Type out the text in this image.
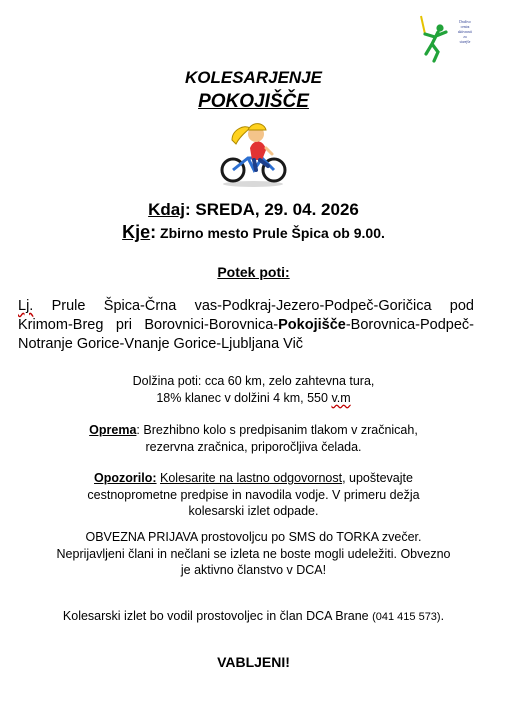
Društvo
centra
aktivnosti
za
starejše
KOLESARJENJE
POKOJIŠČE
Kdaj: SREDA, 29. 04. 2026
Kje: Zbirno mesto Prule Špica ob 9.00.
Potek poti:
Lj. Prule Špica-Črna vas-Podkraj-Jezero-Podpeč-Goričica pod Krimom-Breg pri Borovnici-Borovnica-Pokojišče-Borovnica-Podpeč-Notranje Gorice-Vnanje Gorice-Ljubljana Vič
Dolžina poti: cca 60 km, zelo zahtevna tura,
18% klanec v dolžini 4 km, 550 v.m
Oprema: Brezhibno kolo s predpisanim tlakom v zračnicah,
rezervna zračnica, priporočljiva čelada.
Opozorilo: Kolesarite na lastno odgovornost, upoštevajte
cestnoprometne predpise in navodila vodje. V primeru dežja
kolesarski izlet odpade.
OBVEZNA PRIJAVA prostovoljcu po SMS do TORKA zvečer.
Neprijavljeni člani in nečlani se izleta ne boste mogli udeležiti. Obvezno
je aktivno članstvo v DCA!
Kolesarski izlet bo vodil prostovoljec in član DCA Brane (041 415 573).
VABLJENI!
